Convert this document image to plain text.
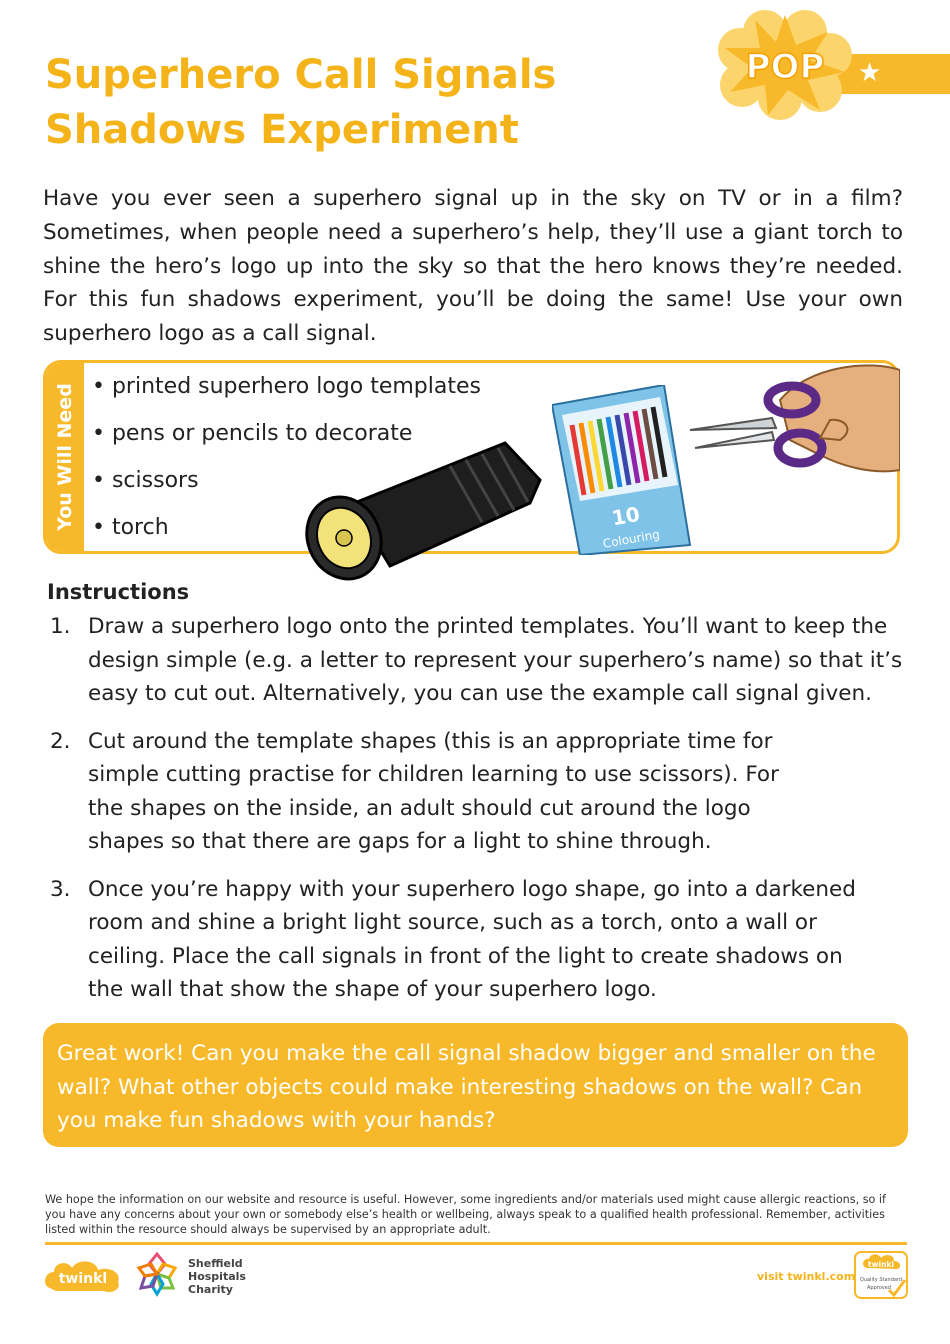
Superhero Call Signals
Shadows Experiment
POP ★

Have you ever seen a superhero signal up in the sky on TV or in a film? Sometimes, when people need a superhero’s help, they’ll use a giant torch to shine the hero’s logo up into the sky so that the hero knows they’re needed. For this fun shadows experiment, you’ll be doing the same! Use your own superhero logo as a call signal.

You Will Need • printed superhero logo templates
• pens or pencils to decorate
• scissors
• torch	10
Colouring
Instructions
1. Draw a superhero logo onto the printed templates. You’ll want to keep the design simple (e.g. a letter to represent your superhero’s name) so that it’s easy to cut out. Alternatively, you can use the example call signal given.
2. Cut around the template shapes (this is an appropriate time for simple cutting practise for children learning to use scissors). For the shapes on the inside, an adult should cut around the logo shapes so that there are gaps for a light to shine through.
3. Once you’re happy with your superhero logo shape, go into a darkened room and shine a bright light source, such as a torch, onto a wall or ceiling. Place the call signals in front of the light to create shadows on the wall that show the shape of your superhero logo.
Great work! Can you make the call signal shadow bigger and smaller on the wall? What other objects could make interesting shadows on the wall? Can you make fun shadows with your hands?

We hope the information on our website and resource is useful. However, some ingredients and/or materials used might cause allergic reactions, so if you have any concerns about your own or somebody else’s health or wellbeing, always speak to a qualified health professional. Remember, activities listed within the resource should always be supervised by an appropriate adult.

twinkl
Sheffield
Hospitals
Charity
visit twinkl.com
twinkl
Quality Standard
Approved
